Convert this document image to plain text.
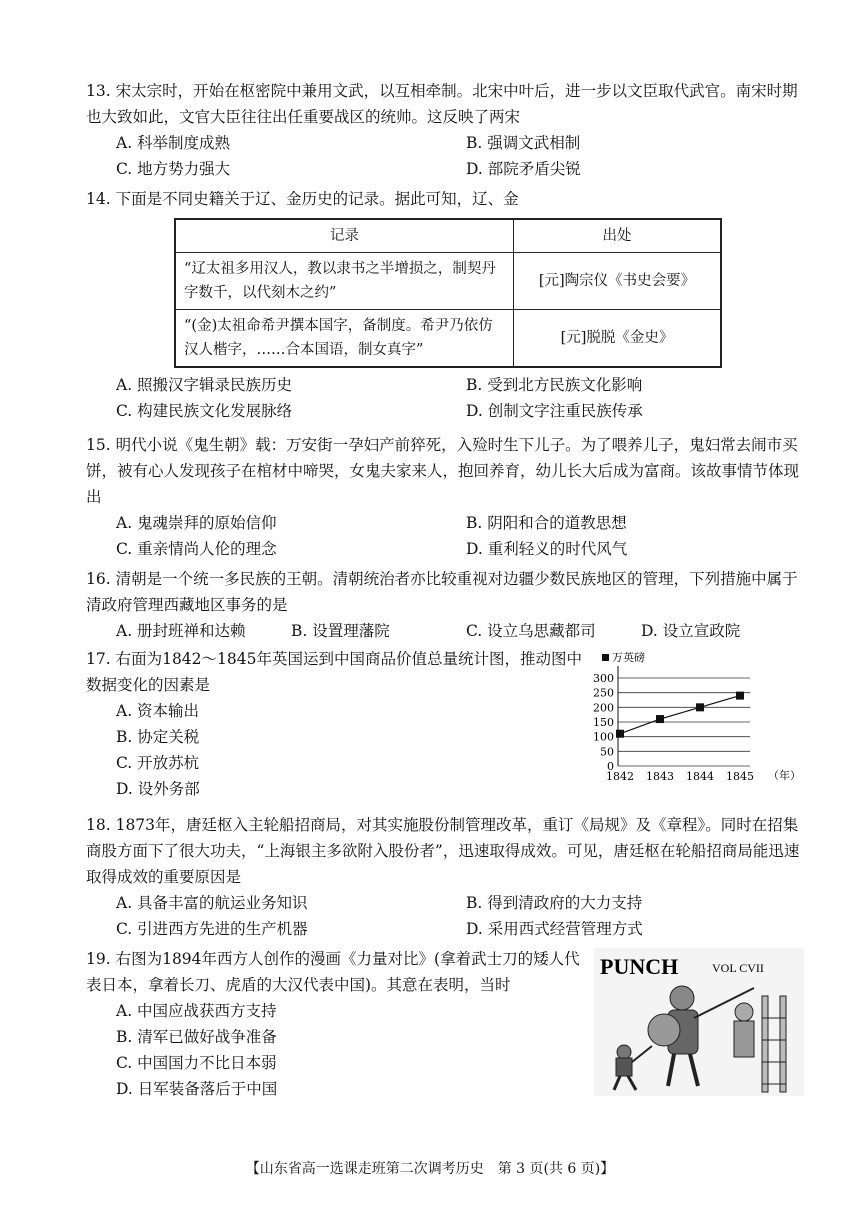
13. 宋太宗时，开始在枢密院中兼用文武，以互相牵制。北宋中叶后，进一步以文臣取代武官。南宋时期也大致如此，文官大臣往往出任重要战区的统帅。这反映了两宋
A. 科举制度成熟	B. 强调文武相制
C. 地方势力强大	D. 部院矛盾尖锐
14. 下面是不同史籍关于辽、金历史的记录。据此可知，辽、金
记录	出处
“辽太祖多用汉人，教以隶书之半增损之，制契丹字数千，以代刻木之约”	[元]陶宗仪《书史会要》
“(金)太祖命希尹撰本国字，备制度。希尹乃依仿汉人楷字，……合本国语，制女真字”	[元]脱脱《金史》
A. 照搬汉字辑录民族历史	B. 受到北方民族文化影响
C. 构建民族文化发展脉络	D. 创制文字注重民族传承
15. 明代小说《鬼生朝》载：万安街一孕妇产前猝死，入殓时生下儿子。为了喂养儿子，鬼妇常去闹市买饼，被有心人发现孩子在棺材中啼哭，女鬼夫家来人，抱回养育，幼儿长大后成为富商。该故事情节体现出
A. 鬼魂崇拜的原始信仰	B. 阴阳和合的道教思想
C. 重亲情尚人伦的理念	D. 重利轻义的时代风气
16. 清朝是一个统一多民族的王朝。清朝统治者亦比较重视对边疆少数民族地区的管理，下列措施中属于清政府管理西藏地区事务的是
A. 册封班禅和达赖	B. 设置理藩院	C. 设立乌思藏都司	D. 设立宣政院
17. 右面为1842～1845年英国运到中国商品价值总量统计图，推动图中数据变化的因素是
A. 资本输出
B. 协定关税
C. 开放苏杭
D. 设外务部
0
50
100
150
200
250
300
1842 1843 1844 1845
万英磅
（年）
18. 1873年，唐廷枢入主轮船招商局，对其实施股份制管理改革，重订《局规》及《章程》。同时在招集商股方面下了很大功夫，“上海银主多欲附入股份者”，迅速取得成效。可见，唐廷枢在轮船招商局能迅速取得成效的重要原因是
A. 具备丰富的航运业务知识	B. 得到清政府的大力支持
C. 引进西方先进的生产机器	D. 采用西式经营管理方式
19. 右图为1894年西方人创作的漫画《力量对比》(拿着武士刀的矮人代表日本，拿着长刀、虎盾的大汉代表中国)。其意在表明，当时
A. 中国应战获西方支持
B. 清军已做好战争准备
C. 中国国力不比日本弱
D. 日军装备落后于中国
PUNCH	VOL CVII
【山东省高一选课走班第二次调考历史　第 3 页(共 6 页)】
